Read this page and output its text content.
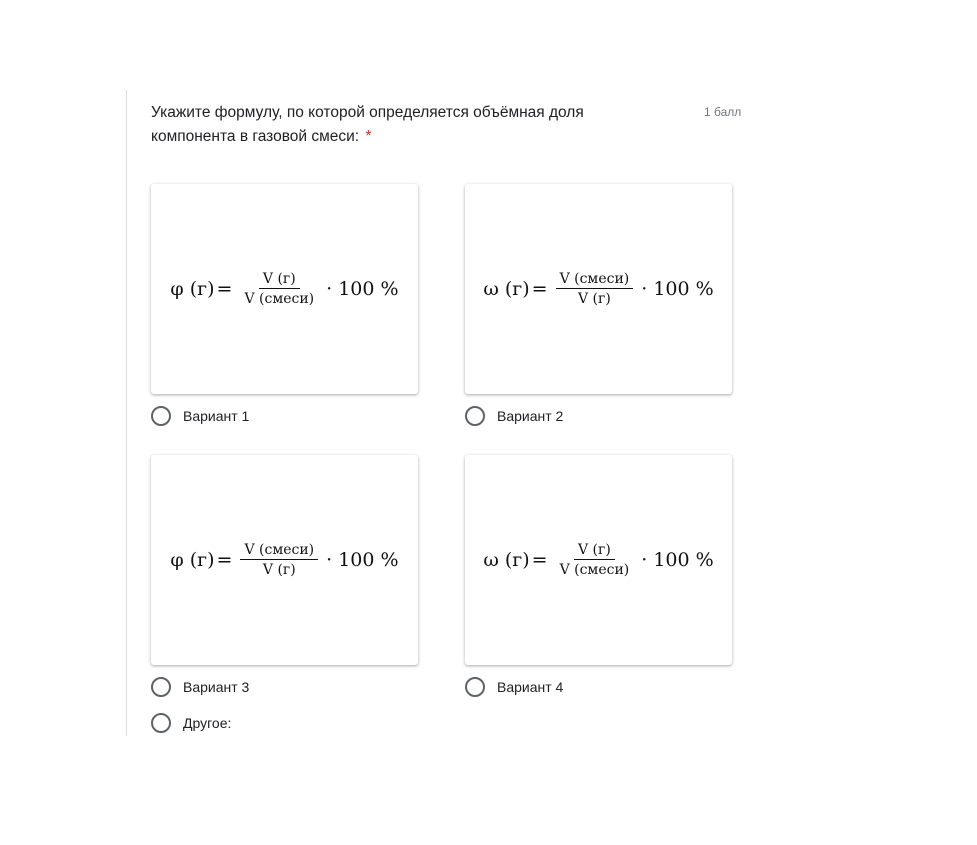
Укажите формулу, по которой определяется объёмная доля компонента в газовой смеси: *
1 балл
φ $(г) = \frac{V (г)}{\text{V (смеси)}} \cdot 100$ %
Вариант 1
ω $(г) = \frac{\text{V (смеси)}}{V (г)} \cdot 100$ %
Вариант 2
φ $(г) = \frac{\text{V (смеси)}}{V (г)} \cdot 100$ %
Вариант 3
ω $(г) = \frac{V (г)}{\text{V (смеси)}} \cdot 100$ %
Вариант 4
Другое:
